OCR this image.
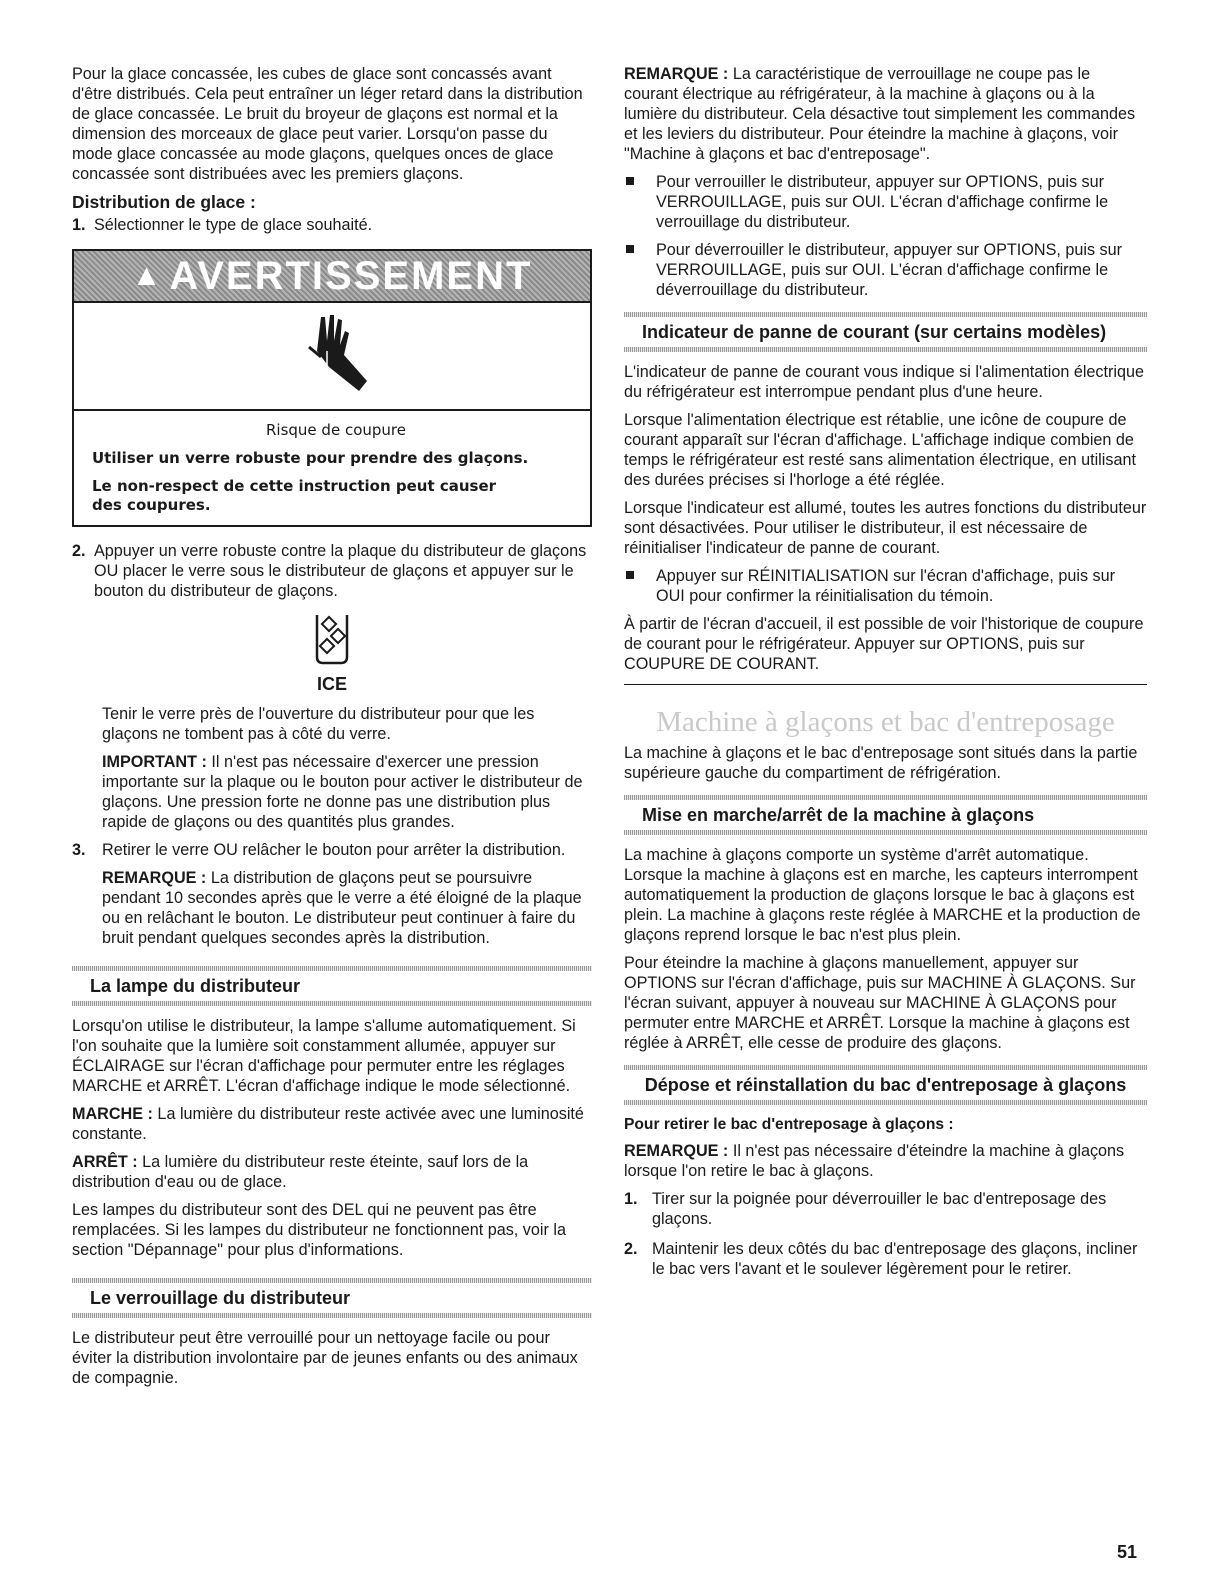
Pour la glace concassée, les cubes de glace sont concassés avant d'être distribués. Cela peut entraîner un léger retard dans la distribution de glace concassée. Le bruit du broyeur de glaçons est normal et la dimension des morceaux de glace peut varier. Lorsqu'on passe du mode glace concassée au mode glaçons, quelques onces de glace concassée sont distribuées avec les premiers glaçons.

Distribution de glace :
1. Sélectionner le type de glace souhaité.
▲ AVERTISSEMENT
Risque de coupure

Utiliser un verre robuste pour prendre des glaçons.

Le non-respect de cette instruction peut causer des coupures.

2. Appuyer un verre robuste contre la plaque du distributeur de glaçons OU placer le verre sous le distributeur de glaçons et appuyer sur le bouton du distributeur de glaçons.
ICE

Tenir le verre près de l'ouverture du distributeur pour que les glaçons ne tombent pas à côté du verre.

IMPORTANT : Il n'est pas nécessaire d'exercer une pression importante sur la plaque ou le bouton pour activer le distributeur de glaçons. Une pression forte ne donne pas une distribution plus rapide de glaçons ou des quantités plus grandes.

3. Retirer le verre OU relâcher le bouton pour arrêter la distribution.

REMARQUE : La distribution de glaçons peut se poursuivre pendant 10 secondes après que le verre a été éloigné de la plaque ou en relâchant le bouton. Le distributeur peut continuer à faire du bruit pendant quelques secondes après la distribution.

La lampe du distributeur

Lorsqu'on utilise le distributeur, la lampe s'allume automatiquement. Si l'on souhaite que la lumière soit constamment allumée, appuyer sur ÉCLAIRAGE sur l'écran d'affichage pour permuter entre les réglages MARCHE et ARRÊT. L'écran d'affichage indique le mode sélectionné.

MARCHE : La lumière du distributeur reste activée avec une luminosité constante.

ARRÊT : La lumière du distributeur reste éteinte, sauf lors de la distribution d'eau ou de glace.

Les lampes du distributeur sont des DEL qui ne peuvent pas être remplacées. Si les lampes du distributeur ne fonctionnent pas, voir la section "Dépannage" pour plus d'informations.

Le verrouillage du distributeur

Le distributeur peut être verrouillé pour un nettoyage facile ou pour éviter la distribution involontaire par de jeunes enfants ou des animaux de compagnie.

REMARQUE : La caractéristique de verrouillage ne coupe pas le courant électrique au réfrigérateur, à la machine à glaçons ou à la lumière du distributeur. Cela désactive tout simplement les commandes et les leviers du distributeur. Pour éteindre la machine à glaçons, voir "Machine à glaçons et bac d'entreposage".

Pour verrouiller le distributeur, appuyer sur OPTIONS, puis sur VERROUILLAGE, puis sur OUI. L'écran d'affichage confirme le verrouillage du distributeur.
Pour déverrouiller le distributeur, appuyer sur OPTIONS, puis sur VERROUILLAGE, puis sur OUI. L'écran d'affichage confirme le déverrouillage du distributeur.
Indicateur de panne de courant (sur certains modèles)

L'indicateur de panne de courant vous indique si l'alimentation électrique du réfrigérateur est interrompue pendant plus d'une heure.

Lorsque l'alimentation électrique est rétablie, une icône de coupure de courant apparaît sur l'écran d'affichage. L'affichage indique combien de temps le réfrigérateur est resté sans alimentation électrique, en utilisant des durées précises si l'horloge a été réglée.

Lorsque l'indicateur est allumé, toutes les autres fonctions du distributeur sont désactivées. Pour utiliser le distributeur, il est nécessaire de réinitialiser l'indicateur de panne de courant.

Appuyer sur RÉINITIALISATION sur l'écran d'affichage, puis sur OUI pour confirmer la réinitialisation du témoin.

À partir de l'écran d'accueil, il est possible de voir l'historique de coupure de courant pour le réfrigérateur. Appuyer sur OPTIONS, puis sur COUPURE DE COURANT.

Machine à glaçons et bac d'entreposage

La machine à glaçons et le bac d'entreposage sont situés dans la partie supérieure gauche du compartiment de réfrigération.

Mise en marche/arrêt de la machine à glaçons

La machine à glaçons comporte un système d'arrêt automatique. Lorsque la machine à glaçons est en marche, les capteurs interrompent automatiquement la production de glaçons lorsque le bac à glaçons est plein. La machine à glaçons reste réglée à MARCHE et la production de glaçons reprend lorsque le bac n'est plus plein.

Pour éteindre la machine à glaçons manuellement, appuyer sur OPTIONS sur l'écran d'affichage, puis sur MACHINE À GLAÇONS. Sur l'écran suivant, appuyer à nouveau sur MACHINE À GLAÇONS pour permuter entre MARCHE et ARRÊT. Lorsque la machine à glaçons est réglée à ARRÊT, elle cesse de produire des glaçons.

Dépose et réinstallation du bac d'entreposage à glaçons
Pour retirer le bac d'entreposage à glaçons :

REMARQUE : Il n'est pas nécessaire d'éteindre la machine à glaçons lorsque l'on retire le bac à glaçons.

1. Tirer sur la poignée pour déverrouiller le bac d'entreposage des glaçons.
2. Maintenir les deux côtés du bac d'entreposage des glaçons, incliner le bac vers l'avant et le soulever légèrement pour le retirer.
51
